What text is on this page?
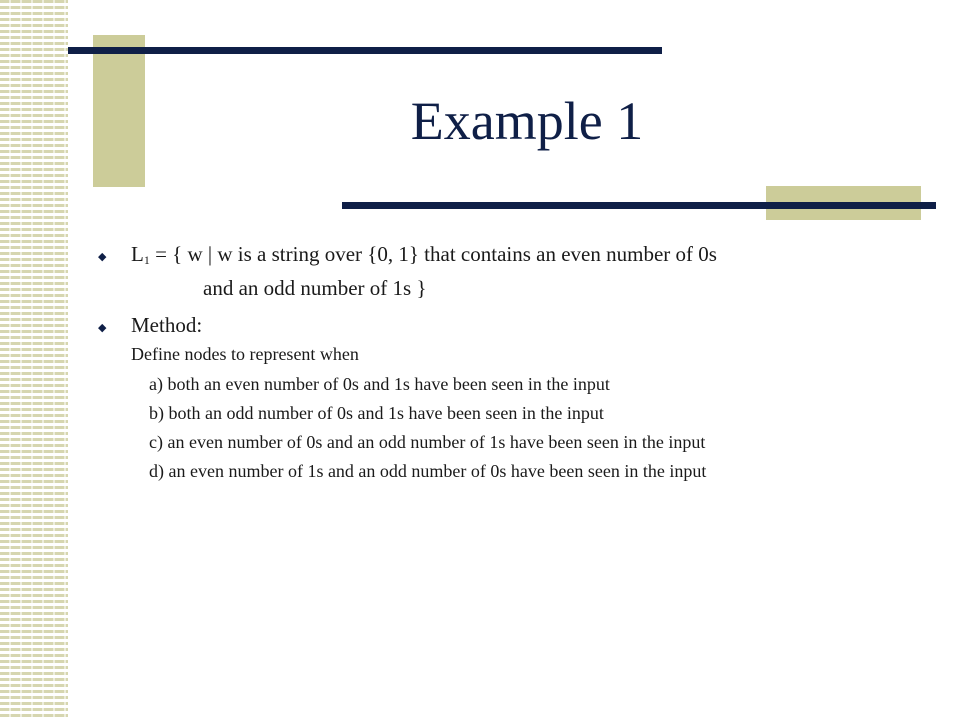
Example 1
◆ $L_1$ = { w | w is a string over {0, 1} that contains an even number of 0s
and an odd number of 1s }
◆ Method:
Define nodes to represent when
a) both an even number of 0s and 1s have been seen in the input
b) both an odd number of 0s and 1s have been seen in the input
c) an even number of 0s and an odd number of 1s have been seen in the input
d) an even number of 1s and an odd number of 0s have been seen in the input
